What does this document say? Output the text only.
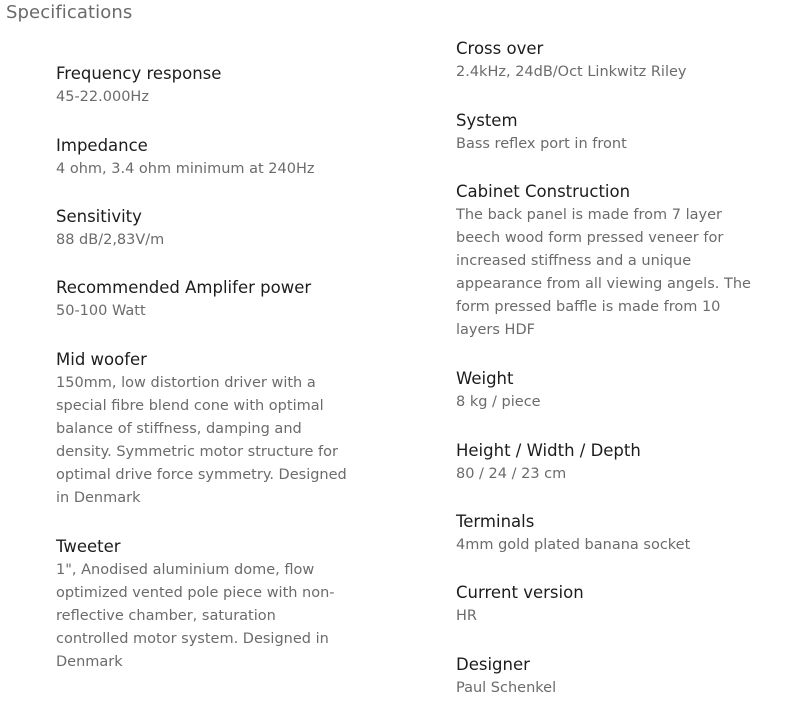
Specifications
Frequency response
45-22.000Hz
Impedance
4 ohm, 3.4 ohm minimum at 240Hz
Sensitivity
88 dB/2,83V/m
Recommended Amplifer power
50-100 Watt
Mid woofer
150mm, low distortion driver with a special fibre blend cone with optimal balance of stiffness, damping and density. Symmetric motor structure for optimal drive force symmetry. Designed in Denmark
Tweeter
1", Anodised aluminium dome, flow optimized vented pole piece with non-reflective chamber, saturation controlled motor system. Designed in Denmark
Cross over
2.4kHz, 24dB/Oct Linkwitz Riley
System
Bass reflex port in front
Cabinet Construction
The back panel is made from 7 layer beech wood form pressed veneer for increased stiffness and a unique appearance from all viewing angels. The form pressed baffle is made from 10 layers HDF
Weight
8 kg / piece
Height / Width / Depth
80 / 24 / 23 cm
Terminals
4mm gold plated banana socket
Current version
HR
Designer
Paul Schenkel
